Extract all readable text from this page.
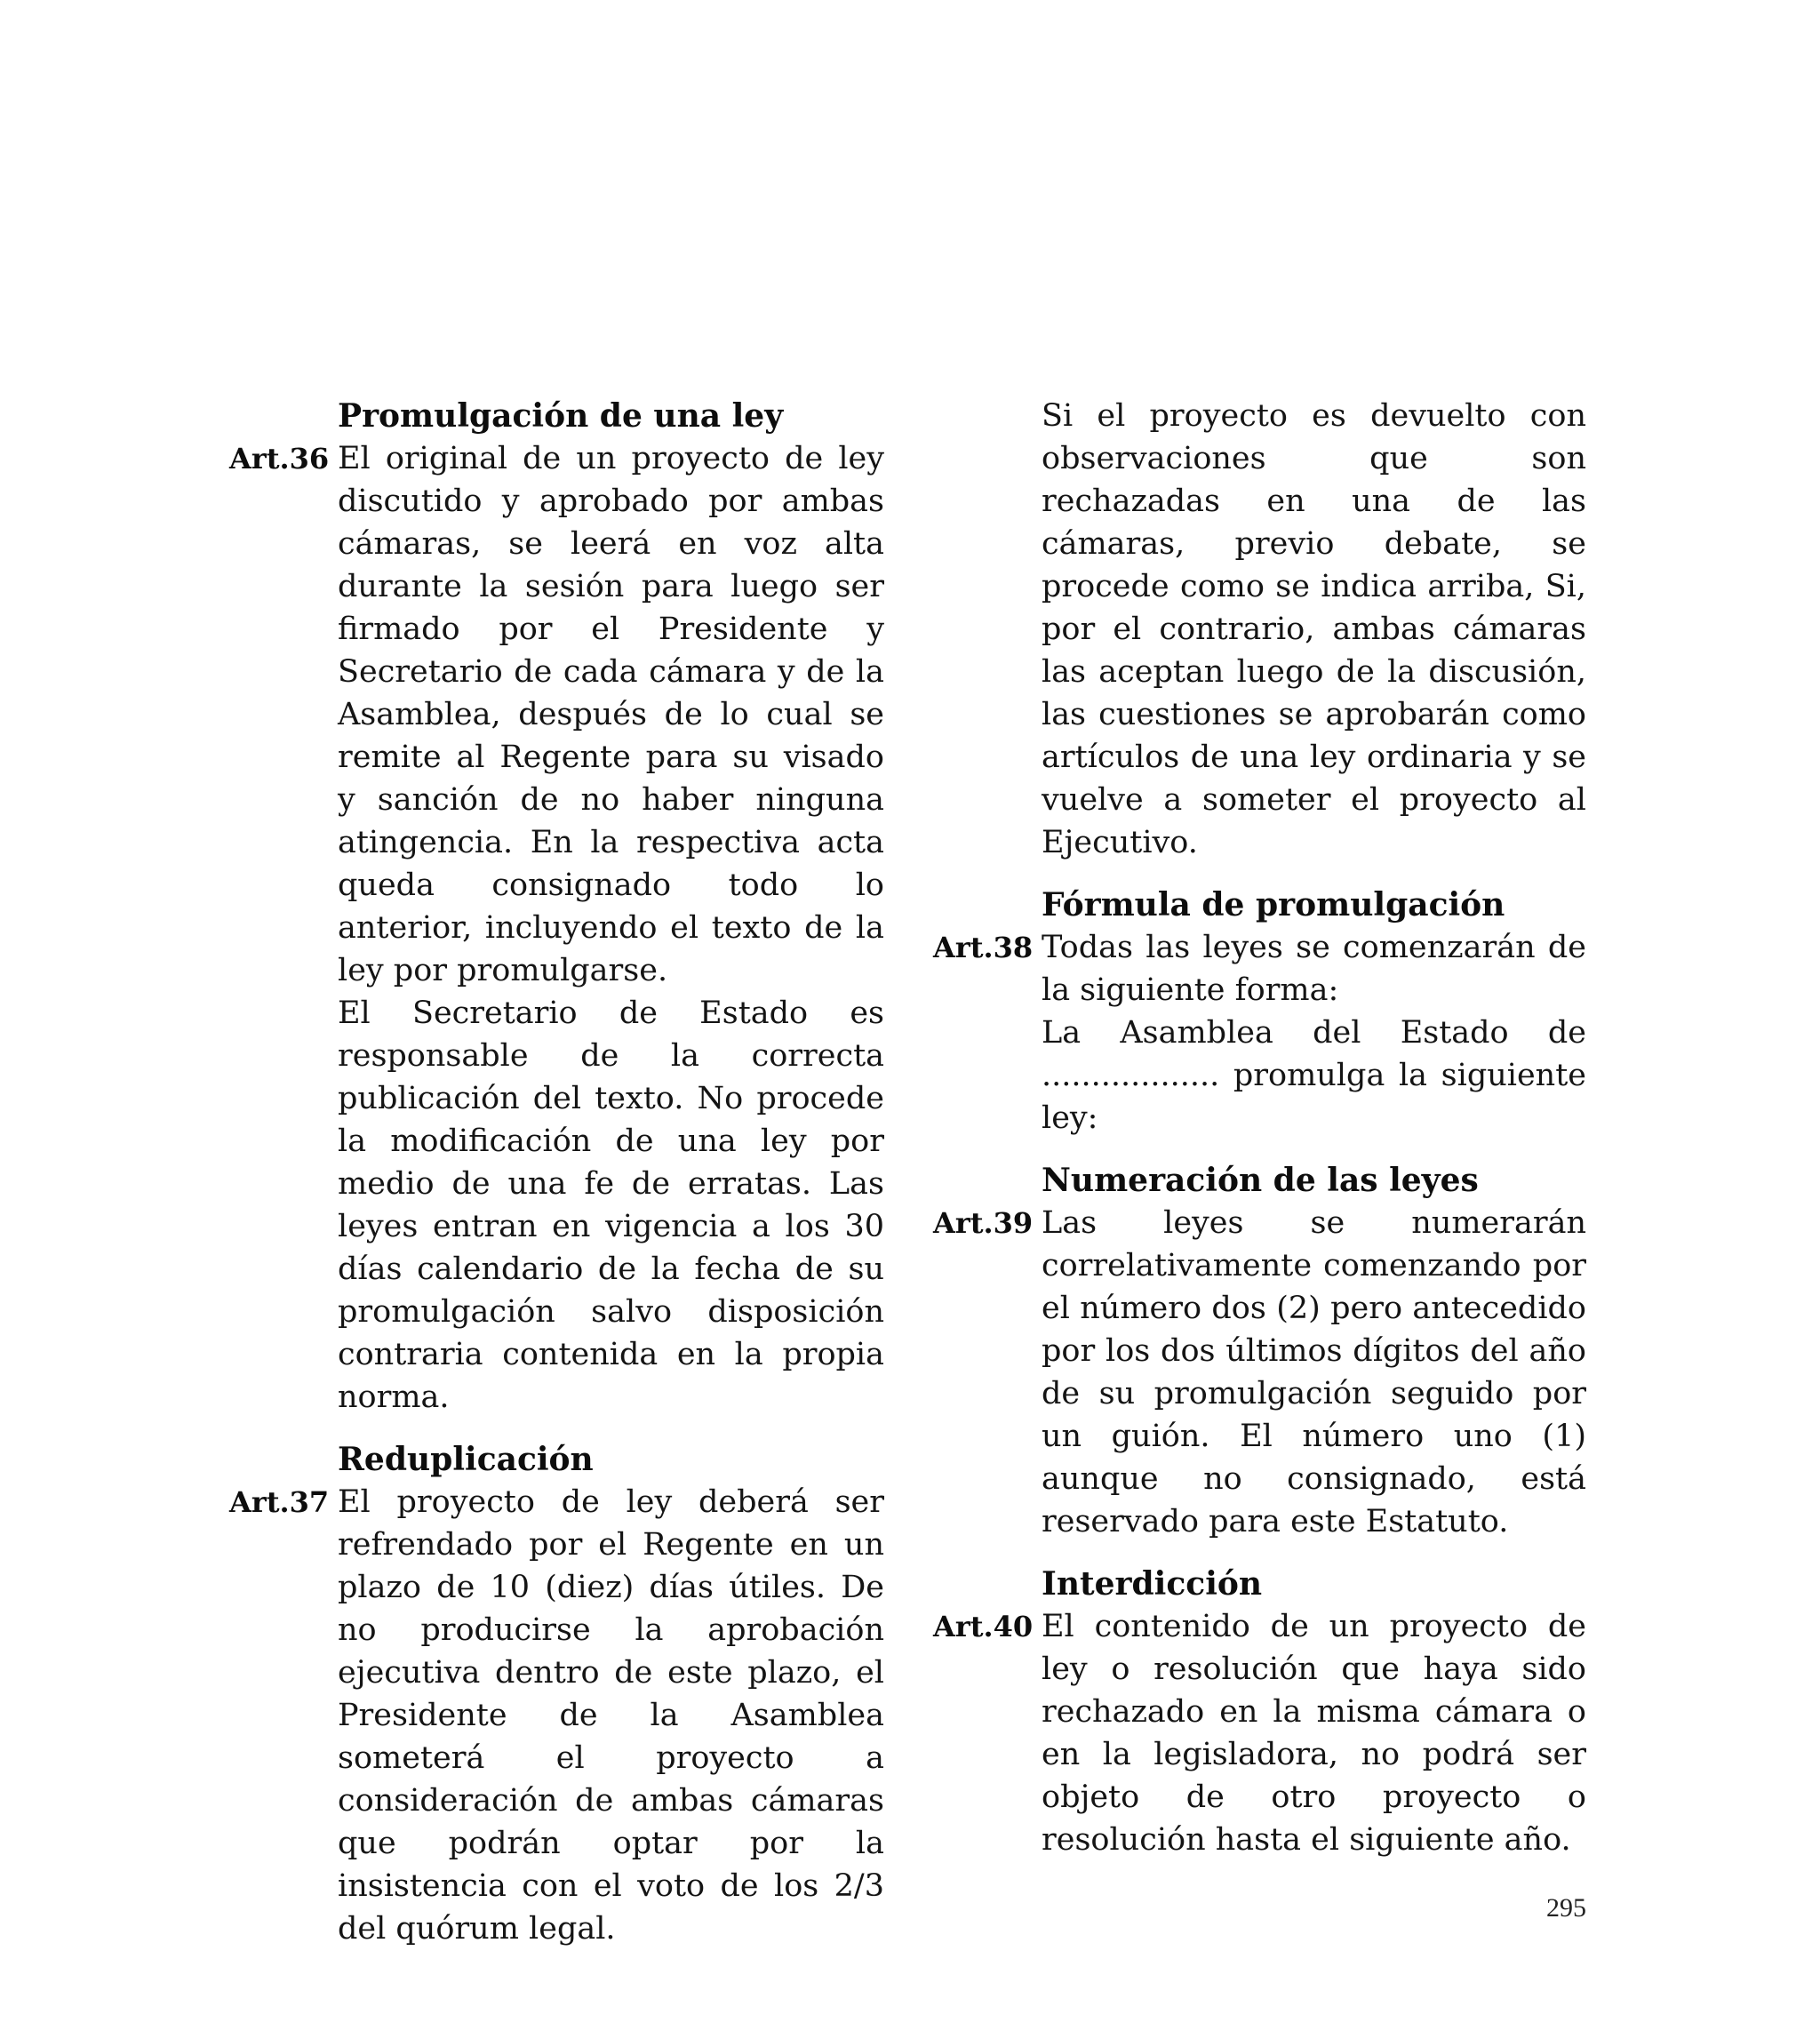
Promulgación de una ley
Art.36 El original de un proyecto de ley discutido y aprobado por ambas cámaras, se leerá en voz alta durante la sesión para luego ser firmado por el Presidente y Secretario de cada cámara y de la Asamblea, después de lo cual se remite al Regente para su visado y sanción de no haber ninguna atingencia. En la respectiva acta queda consignado todo lo anterior, incluyendo el texto de la ley por promulgarse.

El Secretario de Estado es responsable de la correcta publicación del texto. No procede la modificación de una ley por medio de una fe de erratas. Las leyes entran en vigencia a los 30 días calendario de la fecha de su promulgación salvo disposición contraria contenida en la propia norma.

Reduplicación
Art.37 El proyecto de ley deberá ser refrendado por el Regente en un plazo de 10 (diez) días útiles. De no producirse la aprobación ejecutiva dentro de este plazo, el Presidente de la Asamblea someterá el proyecto a consideración de ambas cámaras que podrán optar por la insistencia con el voto de los 2/3 del quórum legal.

Si el proyecto es devuelto con observaciones que son rechazadas en una de las cámaras, previo debate, se procede como se indica arriba, Si, por el contrario, ambas cámaras las aceptan luego de la discusión, las cuestiones se aprobarán como artículos de una ley ordinaria y se vuelve a someter el proyecto al Ejecutivo.

Fórmula de promulgación
Art.38 Todas las leyes se comenzarán de la siguiente forma:

La Asamblea del Estado de .................. promulga la siguiente ley:

Numeración de las leyes
Art.39 Las leyes se numerarán correlativamente comenzando por el número dos (2) pero antecedido por los dos últimos dígitos del año de su promulgación seguido por un guión. El número uno (1) aunque no consignado, está reservado para este Estatuto.

Interdicción
Art.40 El contenido de un proyecto de ley o resolución que haya sido rechazado en la misma cámara o en la legisladora, no podrá ser objeto de otro proyecto o resolución hasta el siguiente año.

295
